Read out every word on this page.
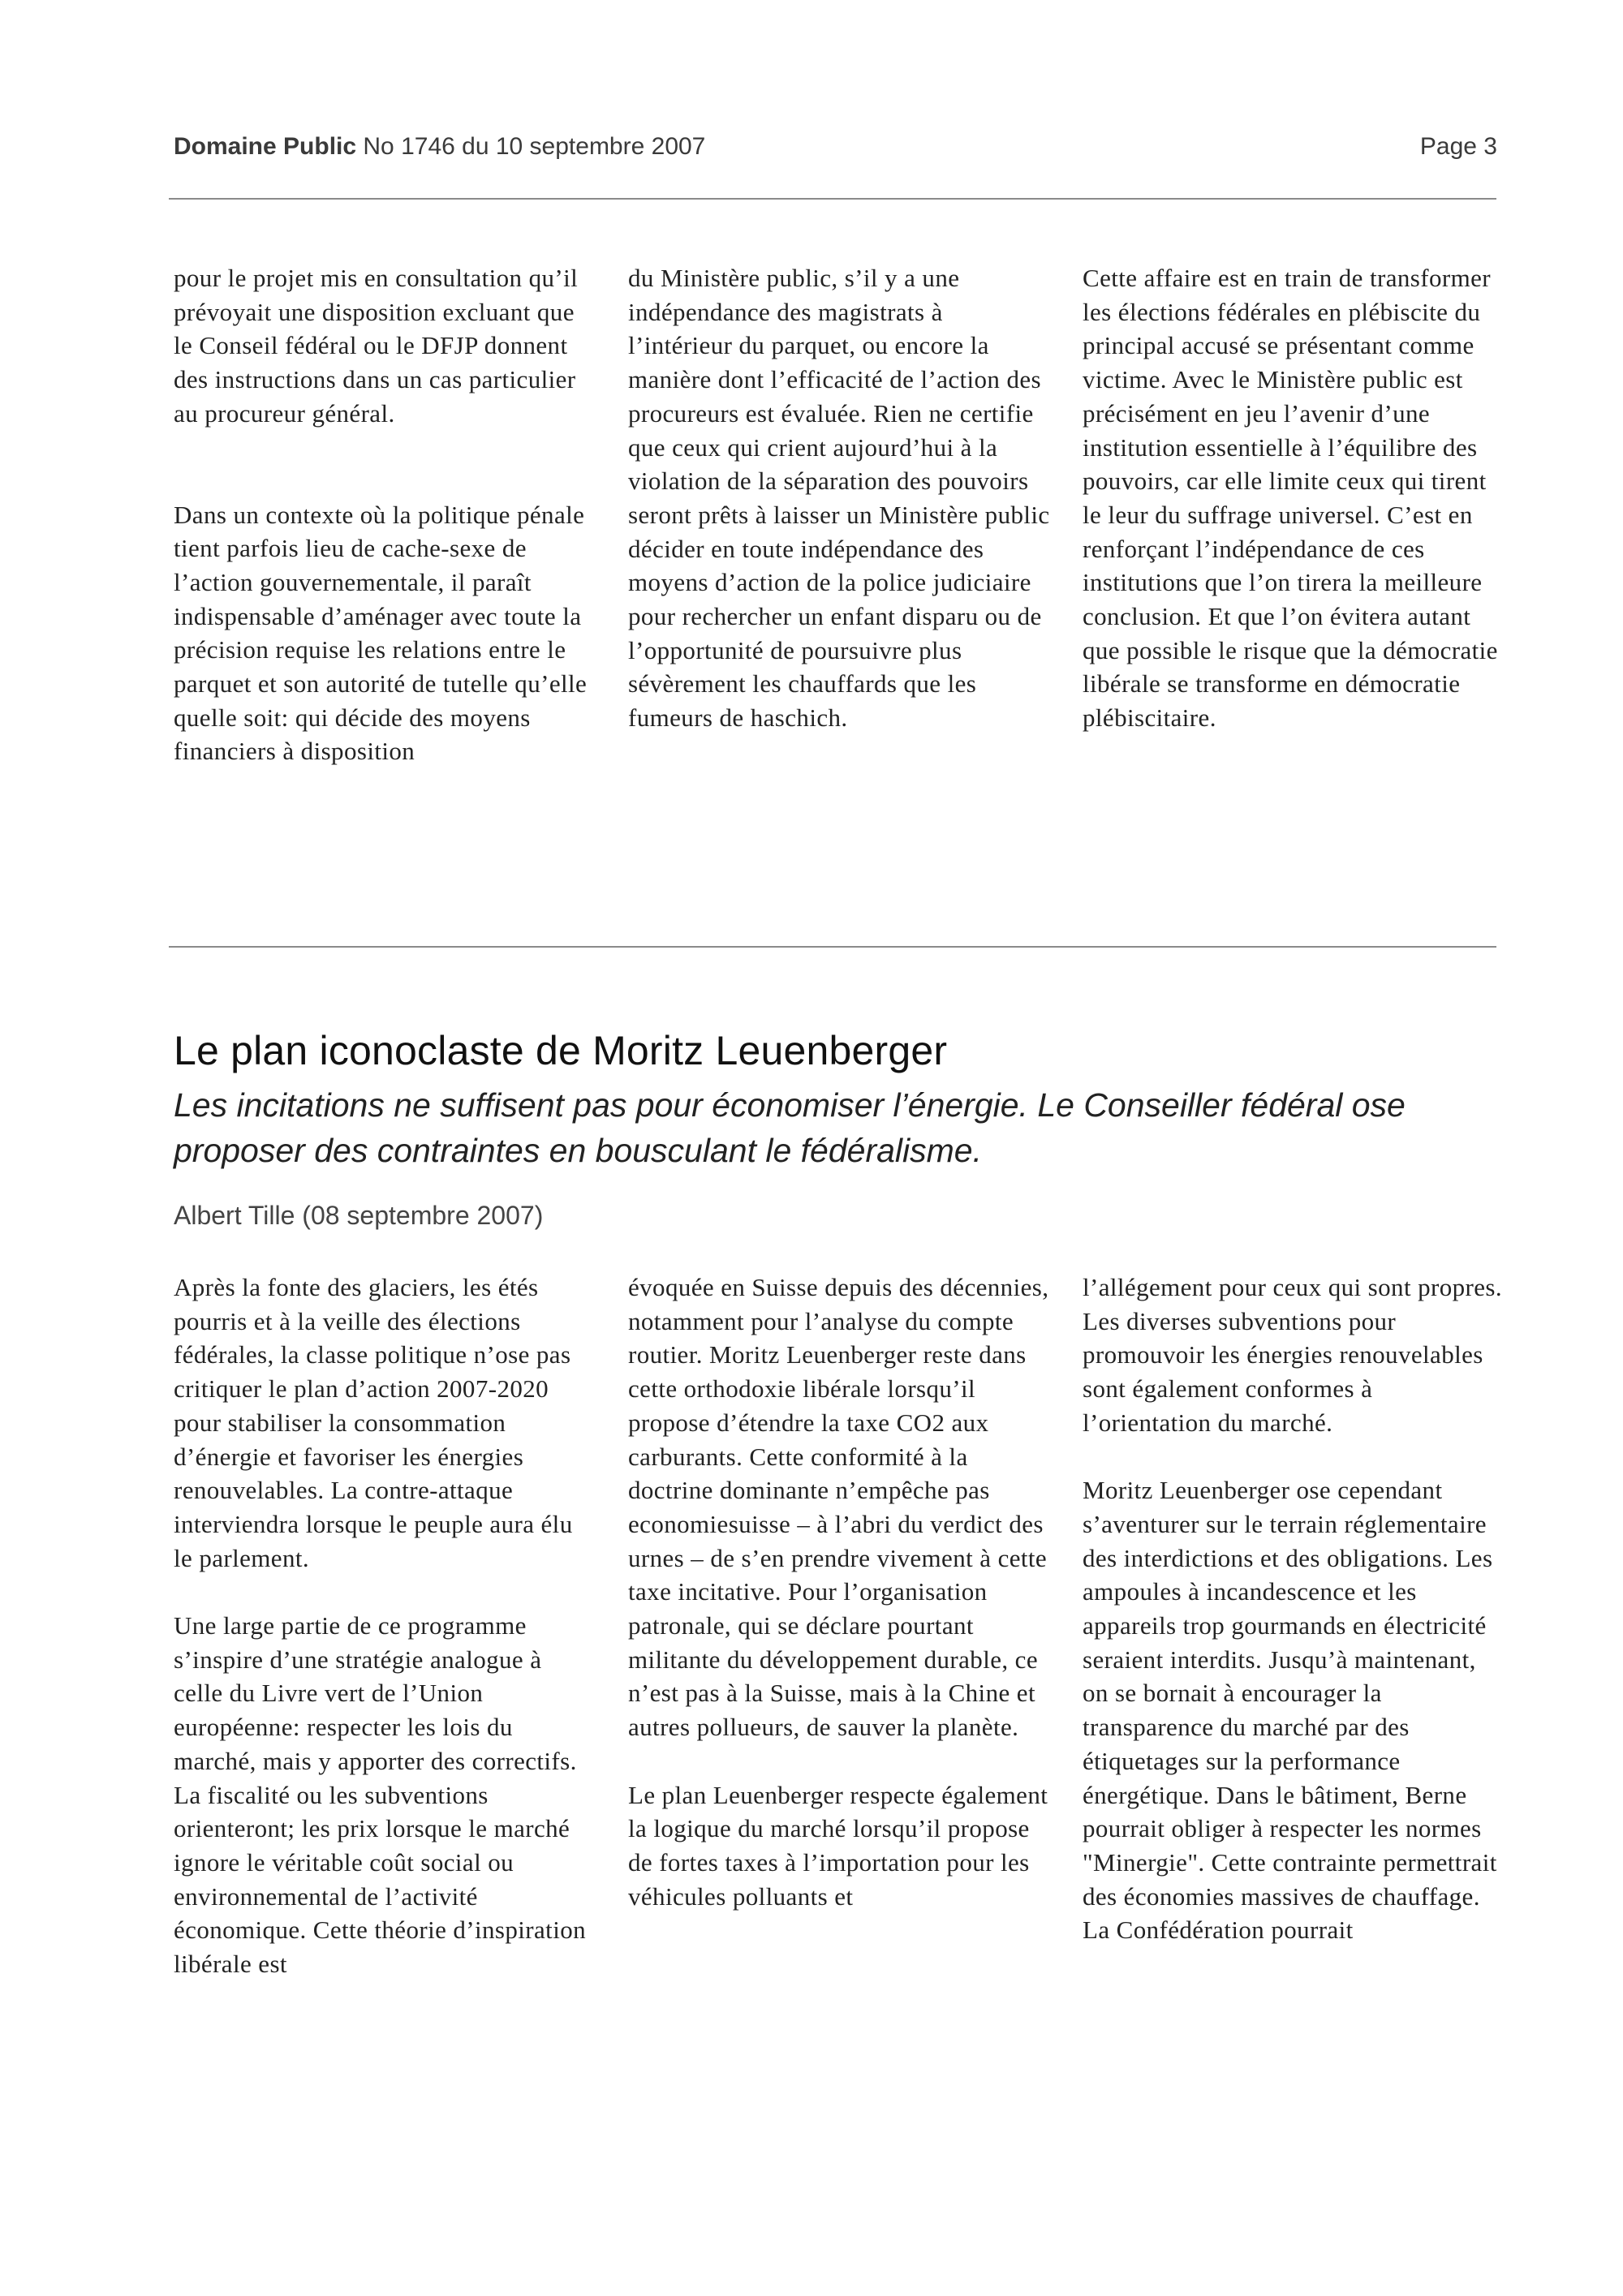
Domaine Public No 1746 du 10 septembre 2007	Page 3

pour le projet mis en consultation qu’il prévoyait une disposition excluant que le Conseil fédéral ou le DFJP donnent des instructions dans un cas particulier au procureur général.

Dans un contexte où la politique pénale tient parfois lieu de cache-sexe de l’action gouvernementale, il paraît indispensable d’aménager avec toute la précision requise les relations entre le parquet et son autorité de tutelle qu’elle quelle soit: qui décide des moyens financiers à disposition

du Ministère public, s’il y a une indépendance des magistrats à l’intérieur du parquet, ou encore la manière dont l’efficacité de l’action des procureurs est évaluée. Rien ne certifie que ceux qui crient aujourd’hui à la violation de la séparation des pouvoirs seront prêts à laisser un Ministère public décider en toute indépendance des moyens d’action de la police judiciaire pour rechercher un enfant disparu ou de l’opportunité de poursuivre plus sévèrement les chauffards que les fumeurs de haschich.

Cette affaire est en train de transformer les élections fédérales en plébiscite du principal accusé se présentant comme victime. Avec le Ministère public est précisément en jeu l’avenir d’une institution essentielle à l’équilibre des pouvoirs, car elle limite ceux qui tirent le leur du suffrage universel. C’est en renforçant l’indépendance de ces institutions que l’on tirera la meilleure conclusion. Et que l’on évitera autant que possible le risque que la démocratie libérale se transforme en démocratie plébiscitaire.

Le plan iconoclaste de Moritz Leuenberger
Les incitations ne suffisent pas pour économiser l’énergie. Le Conseiller fédéral ose proposer des contraintes en bousculant le fédéralisme.
Albert Tille (08 septembre 2007)

Après la fonte des glaciers, les étés pourris et à la veille des élections fédérales, la classe politique n’ose pas critiquer le plan d’action 2007-2020 pour stabiliser la consommation d’énergie et favoriser les énergies renouvelables. La contre-attaque interviendra lorsque le peuple aura élu le parlement.

Une large partie de ce programme s’inspire d’une stratégie analogue à celle du Livre vert de l’Union européenne: respecter les lois du marché, mais y apporter des correctifs. La fiscalité ou les subventions orienteront; les prix lorsque le marché ignore le véritable coût social ou environnemental de l’activité économique. Cette théorie d’inspiration libérale est

évoquée en Suisse depuis des décennies, notamment pour l’analyse du compte routier. Moritz Leuenberger reste dans cette orthodoxie libérale lorsqu’il propose d’étendre la taxe CO2 aux carburants. Cette conformité à la doctrine dominante n’empêche pas economiesuisse – à l’abri du verdict des urnes – de s’en prendre vivement à cette taxe incitative. Pour l’organisation patronale, qui se déclare pourtant militante du développement durable, ce n’est pas à la Suisse, mais à la Chine et autres pollueurs, de sauver la planète.

Le plan Leuenberger respecte également la logique du marché lorsqu’il propose de fortes taxes à l’importation pour les véhicules polluants et

l’allégement pour ceux qui sont propres. Les diverses subventions pour promouvoir les énergies renouvelables sont également conformes à l’orientation du marché.

Moritz Leuenberger ose cependant s’aventurer sur le terrain réglementaire des interdictions et des obligations. Les ampoules à incandescence et les appareils trop gourmands en électricité seraient interdits. Jusqu’à maintenant, on se bornait à encourager la transparence du marché par des étiquetages sur la performance énergétique. Dans le bâtiment, Berne pourrait obliger à respecter les normes "Minergie". Cette contrainte permettrait des économies massives de chauffage. La Confédération pourrait
